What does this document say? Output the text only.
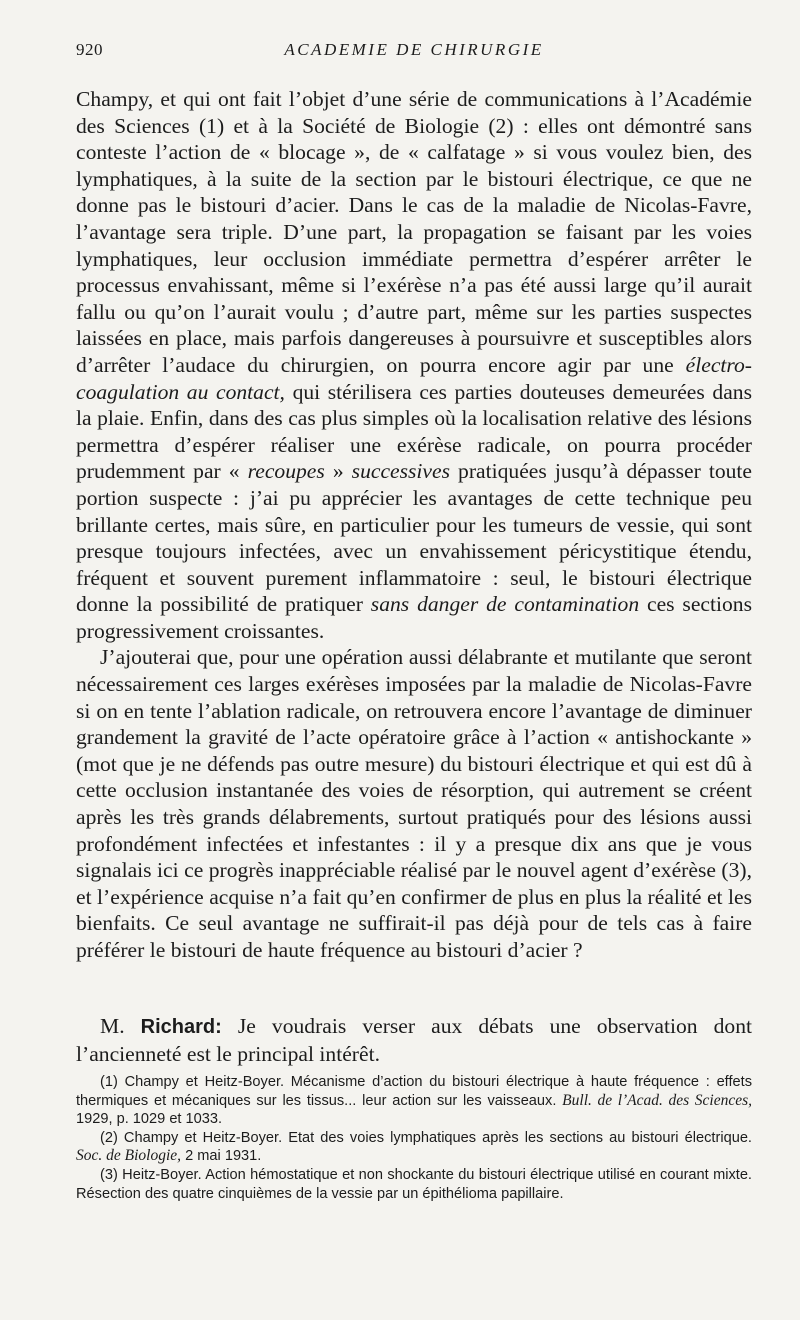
920	ACADEMIE DE CHIRURGIE

Champy, et qui ont fait l’objet d’une série de communications à l’Académie des Sciences (1) et à la Société de Biologie (2) : elles ont démontré sans conteste l’action de « blocage », de « calfatage » si vous voulez bien, des lymphatiques, à la suite de la section par le bistouri électrique, ce que ne donne pas le bistouri d’acier. Dans le cas de la maladie de Nicolas-Favre, l’avantage sera triple. D’une part, la propagation se faisant par les voies lymphatiques, leur occlusion immédiate permettra d’espérer arrêter le processus envahissant, même si l’exérèse n’a pas été aussi large qu’il aurait fallu ou qu’on l’aurait voulu ; d’autre part, même sur les parties suspectes laissées en place, mais parfois dangereuses à poursuivre et susceptibles alors d’arrêter l’audace du chirurgien, on pourra encore agir par une électro-coagulation au contact, qui stérilisera ces parties douteuses demeurées dans la plaie. Enfin, dans des cas plus simples où la localisation relative des lésions permettra d’espérer réaliser une exérèse radicale, on pourra procéder prudemment par « recoupes » successives pratiquées jusqu’à dépasser toute portion suspecte : j’ai pu apprécier les avantages de cette technique peu brillante certes, mais sûre, en particulier pour les tumeurs de vessie, qui sont presque toujours infectées, avec un envahissement péricystitique étendu, fréquent et souvent purement inflammatoire : seul, le bistouri électrique donne la possibilité de pratiquer sans danger de contamination ces sections progressivement croissantes.

J’ajouterai que, pour une opération aussi délabrante et mutilante que seront nécessairement ces larges exérèses imposées par la maladie de Nicolas-Favre si on en tente l’ablation radicale, on retrouvera encore l’avantage de diminuer grandement la gravité de l’acte opératoire grâce à l’action « antishockante » (mot que je ne défends pas outre mesure) du bistouri électrique et qui est dû à cette occlusion instantanée des voies de résorption, qui autrement se créent après les très grands délabrements, surtout pratiqués pour des lésions aussi profondément infectées et infestantes : il y a presque dix ans que je vous signalais ici ce progrès inappréciable réalisé par le nouvel agent d’exérèse (3), et l’expérience acquise n’a fait qu’en confirmer de plus en plus la réalité et les bienfaits. Ce seul avantage ne suffirait-il pas déjà pour de tels cas à faire préférer le bistouri de haute fréquence au bistouri d’acier ?

M. Richard: Je voudrais verser aux débats une observation dont l’ancienneté est le principal intérêt.

(1) Champy et Heitz-Boyer. Mécanisme d’action du bistouri électrique à haute fréquence : effets thermiques et mécaniques sur les tissus... leur action sur les vaisseaux. Bull. de l’Acad. des Sciences, 1929, p. 1029 et 1033.

(2) Champy et Heitz-Boyer. Etat des voies lymphatiques après les sections au bistouri électrique. Soc. de Biologie, 2 mai 1931.

(3) Heitz-Boyer. Action hémostatique et non shockante du bistouri électrique utilisé en courant mixte. Résection des quatre cinquièmes de la vessie par un épithélioma papillaire.
